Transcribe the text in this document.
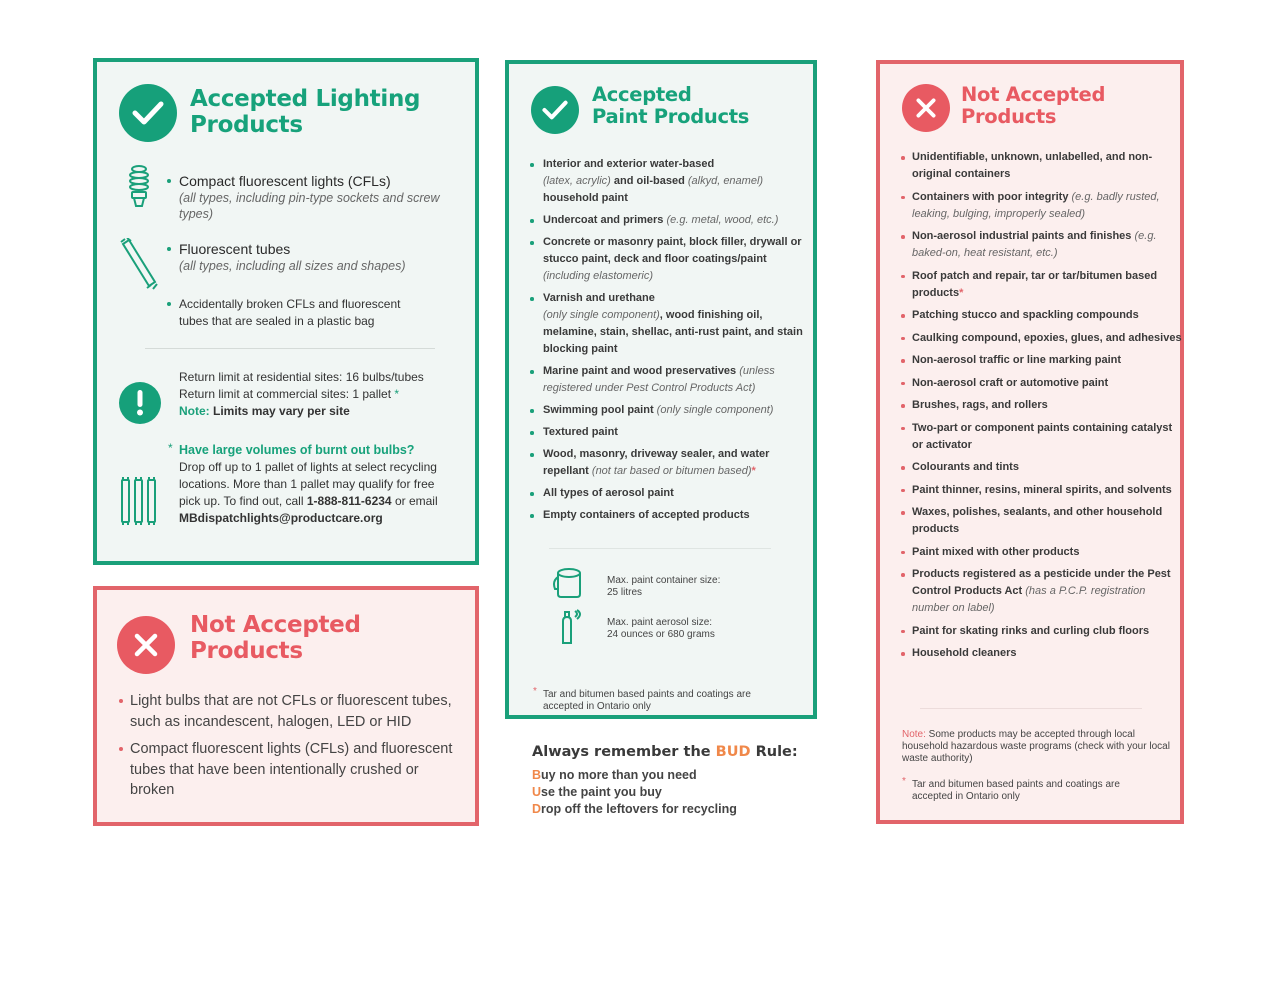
Accepted Lighting
Products
Compact fluorescent lights (CFLs)
(all types, including pin-type sockets and screw types)
Fluorescent tubes
(all types, including all sizes and shapes)
Accidentally broken CFLs and fluorescent tubes that are sealed in a plastic bag
Return limit at residential sites: 16 bulbs/tubes
Return limit at commercial sites: 1 pallet *
Note: Limits may vary per site
* Have large volumes of burnt out bulbs?
Drop off up to 1 pallet of lights at select recycling
locations. More than 1 pallet may qualify for free
pick up. To find out, call 1-888-811-6234 or email
MBdispatchlights@productcare.org
Not Accepted
Products
Light bulbs that are not CFLs or fluorescent tubes, such as incandescent, halogen, LED or HID
Compact fluorescent lights (CFLs) and fluorescent tubes that have been intentionally crushed or broken
Accepted
Paint Products
Interior and exterior water-based
(latex, acrylic) and oil-based (alkyd, enamel)
household paint
Undercoat and primers (e.g. metal, wood, etc.)
Concrete or masonry paint, block filler, drywall or stucco paint, deck and floor coatings/paint (including elastomeric)
Varnish and urethane
(only single component), wood finishing oil, melamine, stain, shellac, anti-rust paint, and stain blocking paint
Marine paint and wood preservatives (unless registered under Pest Control Products Act)
Swimming pool paint (only single component)
Textured paint
Wood, masonry, driveway sealer, and water repellant (not tar based or bitumen based)*
All types of aerosol paint
Empty containers of accepted products
Max. paint container size:
25 litres
Max. paint aerosol size:
24 ounces or 680 grams
* Tar and bitumen based paints and coatings are
accepted in Ontario only
Always remember the BUD Rule:
Buy no more than you need
Use the paint you buy
Drop off the leftovers for recycling
Not Accepted
Products
Unidentifiable, unknown, unlabelled, and non-original containers
Containers with poor integrity (e.g. badly rusted, leaking, bulging, improperly sealed)
Non-aerosol industrial paints and finishes (e.g. baked-on, heat resistant, etc.)
Roof patch and repair, tar or tar/bitumen based products*
Patching stucco and spackling compounds
Caulking compound, epoxies, glues, and adhesives
Non-aerosol traffic or line marking paint
Non-aerosol craft or automotive paint
Brushes, rags, and rollers
Two-part or component paints containing catalyst or activator
Colourants and tints
Paint thinner, resins, mineral spirits, and solvents
Waxes, polishes, sealants, and other household products
Paint mixed with other products
Products registered as a pesticide under the Pest Control Products Act (has a P.C.P. registration number on label)
Paint for skating rinks and curling club floors
Household cleaners
Note: Some products may be accepted through local household hazardous waste programs (check with your local waste authority)
* Tar and bitumen based paints and coatings are
accepted in Ontario only
